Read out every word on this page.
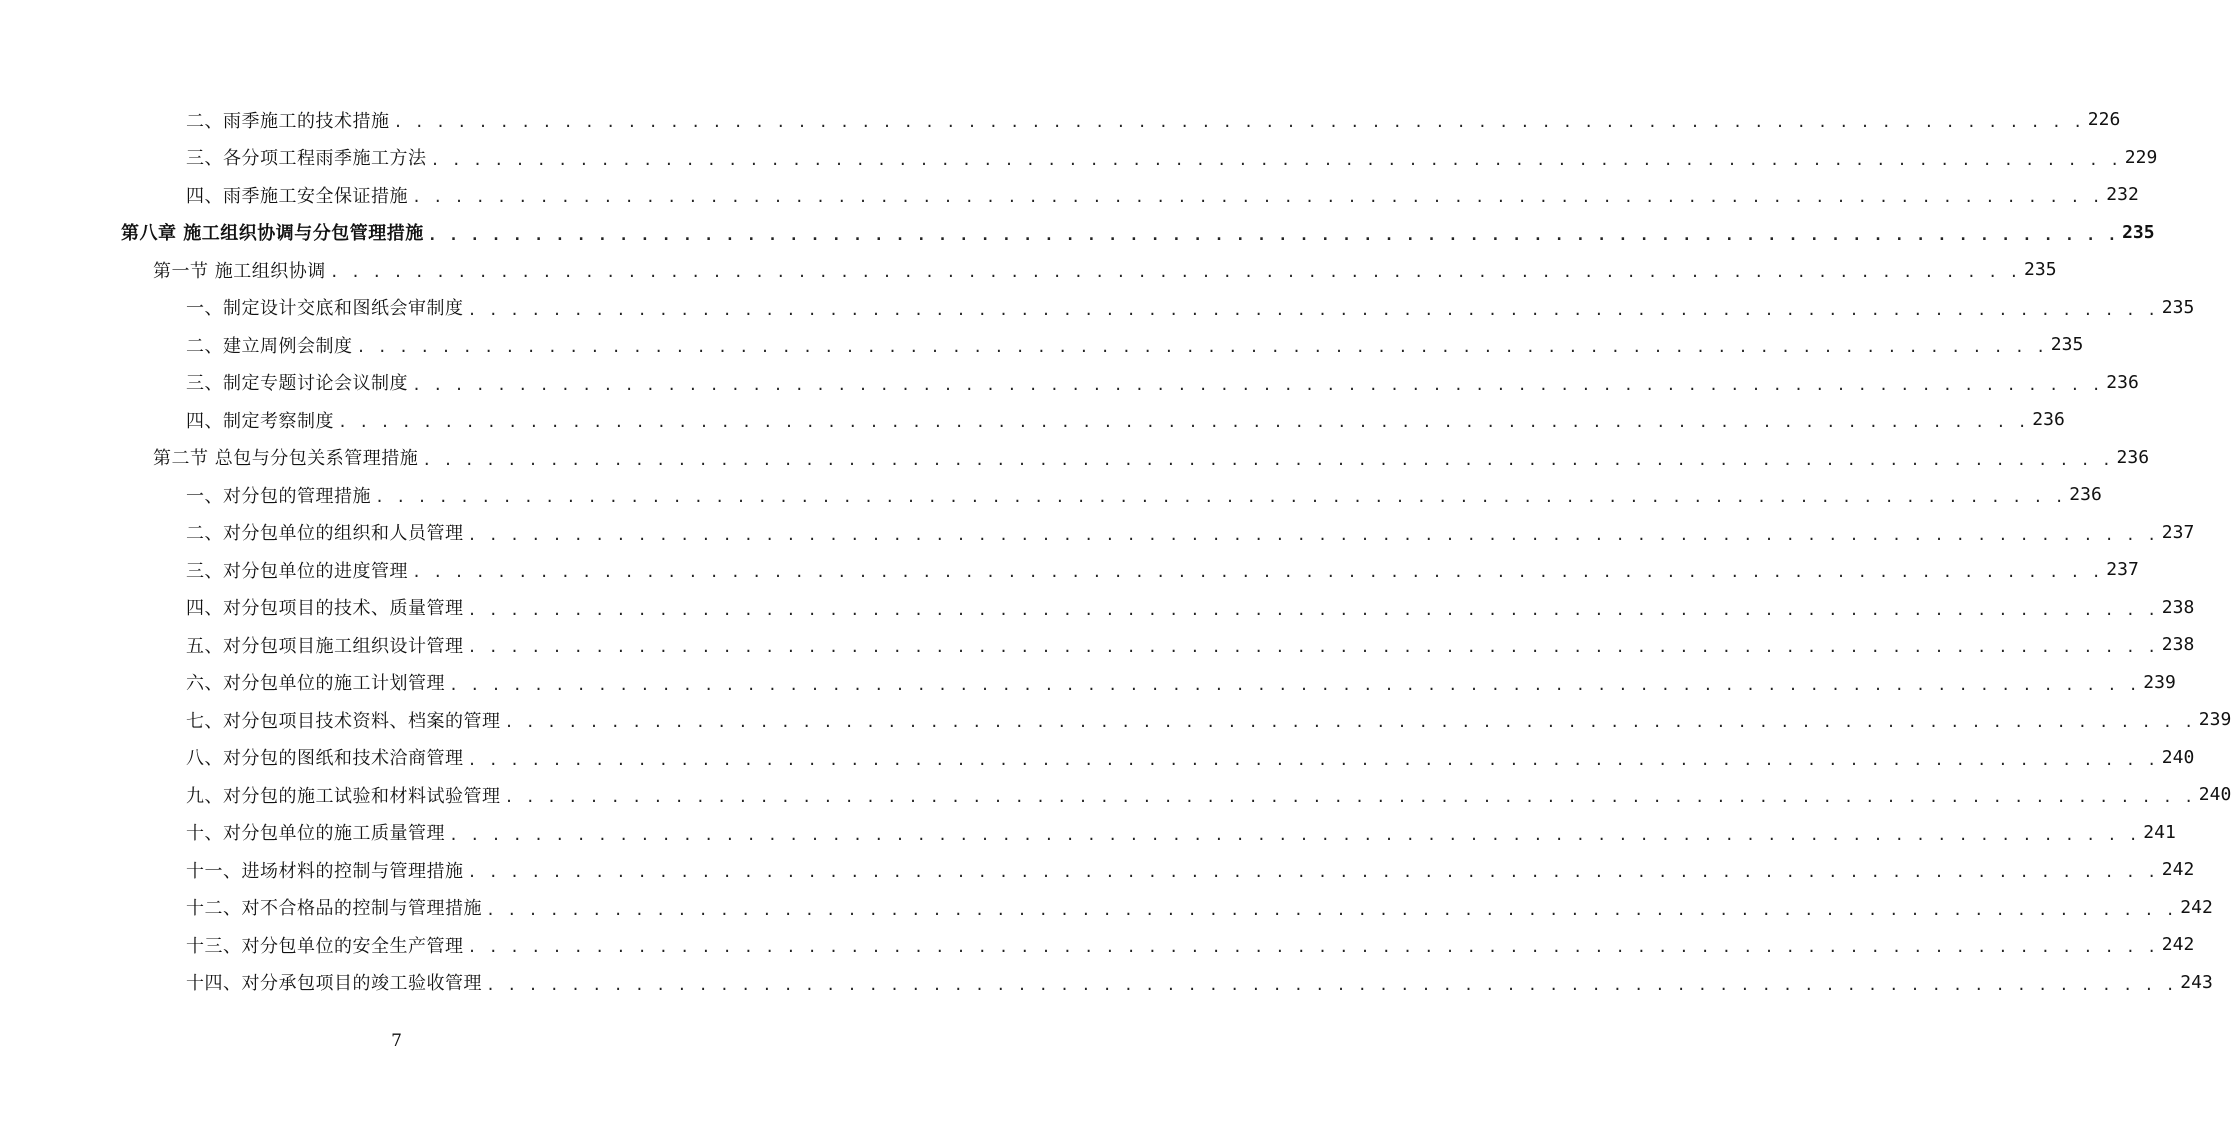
二、雨季施工的技术措施 . . . . . . . . . . . . . . . . . . . . . . . . . . . . . . . . . . . . . . . . . . . . . . . . . . . . . . . . . . . . . . . . . . . . . . . . . . . . . . . . 226
三、各分项工程雨季施工方法 . . . . . . . . . . . . . . . . . . . . . . . . . . . . . . . . . . . . . . . . . . . . . . . . . . . . . . . . . . . . . . . . . . . . . . . . . . . . . . . . 229
四、雨季施工安全保证措施 . . . . . . . . . . . . . . . . . . . . . . . . . . . . . . . . . . . . . . . . . . . . . . . . . . . . . . . . . . . . . . . . . . . . . . . . . . . . . . . . 232
第八章 施工组织协调与分包管理措施 . . . . . . . . . . . . . . . . . . . . . . . . . . . . . . . . . . . . . . . . . . . . . . . . . . . . . . . . . . . . . . . . . . . . . . . . . . . . . . . . 235
第一节 施工组织协调 . . . . . . . . . . . . . . . . . . . . . . . . . . . . . . . . . . . . . . . . . . . . . . . . . . . . . . . . . . . . . . . . . . . . . . . . . . . . . . . . 235
一、制定设计交底和图纸会审制度 . . . . . . . . . . . . . . . . . . . . . . . . . . . . . . . . . . . . . . . . . . . . . . . . . . . . . . . . . . . . . . . . . . . . . . . . . . . . . . . . 235
二、建立周例会制度 . . . . . . . . . . . . . . . . . . . . . . . . . . . . . . . . . . . . . . . . . . . . . . . . . . . . . . . . . . . . . . . . . . . . . . . . . . . . . . . . 235
三、制定专题讨论会议制度 . . . . . . . . . . . . . . . . . . . . . . . . . . . . . . . . . . . . . . . . . . . . . . . . . . . . . . . . . . . . . . . . . . . . . . . . . . . . . . . . 236
四、制定考察制度 . . . . . . . . . . . . . . . . . . . . . . . . . . . . . . . . . . . . . . . . . . . . . . . . . . . . . . . . . . . . . . . . . . . . . . . . . . . . . . . . 236
第二节 总包与分包关系管理措施 . . . . . . . . . . . . . . . . . . . . . . . . . . . . . . . . . . . . . . . . . . . . . . . . . . . . . . . . . . . . . . . . . . . . . . . . . . . . . . . . 236
一、对分包的管理措施 . . . . . . . . . . . . . . . . . . . . . . . . . . . . . . . . . . . . . . . . . . . . . . . . . . . . . . . . . . . . . . . . . . . . . . . . . . . . . . . . 236
二、对分包单位的组织和人员管理 . . . . . . . . . . . . . . . . . . . . . . . . . . . . . . . . . . . . . . . . . . . . . . . . . . . . . . . . . . . . . . . . . . . . . . . . . . . . . . . . 237
三、对分包单位的进度管理 . . . . . . . . . . . . . . . . . . . . . . . . . . . . . . . . . . . . . . . . . . . . . . . . . . . . . . . . . . . . . . . . . . . . . . . . . . . . . . . . 237
四、对分包项目的技术、质量管理 . . . . . . . . . . . . . . . . . . . . . . . . . . . . . . . . . . . . . . . . . . . . . . . . . . . . . . . . . . . . . . . . . . . . . . . . . . . . . . . . 238
五、对分包项目施工组织设计管理 . . . . . . . . . . . . . . . . . . . . . . . . . . . . . . . . . . . . . . . . . . . . . . . . . . . . . . . . . . . . . . . . . . . . . . . . . . . . . . . . 238
六、对分包单位的施工计划管理 . . . . . . . . . . . . . . . . . . . . . . . . . . . . . . . . . . . . . . . . . . . . . . . . . . . . . . . . . . . . . . . . . . . . . . . . . . . . . . . . 239
七、对分包项目技术资料、档案的管理 . . . . . . . . . . . . . . . . . . . . . . . . . . . . . . . . . . . . . . . . . . . . . . . . . . . . . . . . . . . . . . . . . . . . . . . . . . . . . . . . 239
八、对分包的图纸和技术洽商管理 . . . . . . . . . . . . . . . . . . . . . . . . . . . . . . . . . . . . . . . . . . . . . . . . . . . . . . . . . . . . . . . . . . . . . . . . . . . . . . . . 240
九、对分包的施工试验和材料试验管理 . . . . . . . . . . . . . . . . . . . . . . . . . . . . . . . . . . . . . . . . . . . . . . . . . . . . . . . . . . . . . . . . . . . . . . . . . . . . . . . . 240
十、对分包单位的施工质量管理 . . . . . . . . . . . . . . . . . . . . . . . . . . . . . . . . . . . . . . . . . . . . . . . . . . . . . . . . . . . . . . . . . . . . . . . . . . . . . . . . 241
十一、进场材料的控制与管理措施 . . . . . . . . . . . . . . . . . . . . . . . . . . . . . . . . . . . . . . . . . . . . . . . . . . . . . . . . . . . . . . . . . . . . . . . . . . . . . . . . 242
十二、对不合格品的控制与管理措施 . . . . . . . . . . . . . . . . . . . . . . . . . . . . . . . . . . . . . . . . . . . . . . . . . . . . . . . . . . . . . . . . . . . . . . . . . . . . . . . . 242
十三、对分包单位的安全生产管理 . . . . . . . . . . . . . . . . . . . . . . . . . . . . . . . . . . . . . . . . . . . . . . . . . . . . . . . . . . . . . . . . . . . . . . . . . . . . . . . . 242
十四、对分承包项目的竣工验收管理 . . . . . . . . . . . . . . . . . . . . . . . . . . . . . . . . . . . . . . . . . . . . . . . . . . . . . . . . . . . . . . . . . . . . . . . . . . . . . . . . 243
7
